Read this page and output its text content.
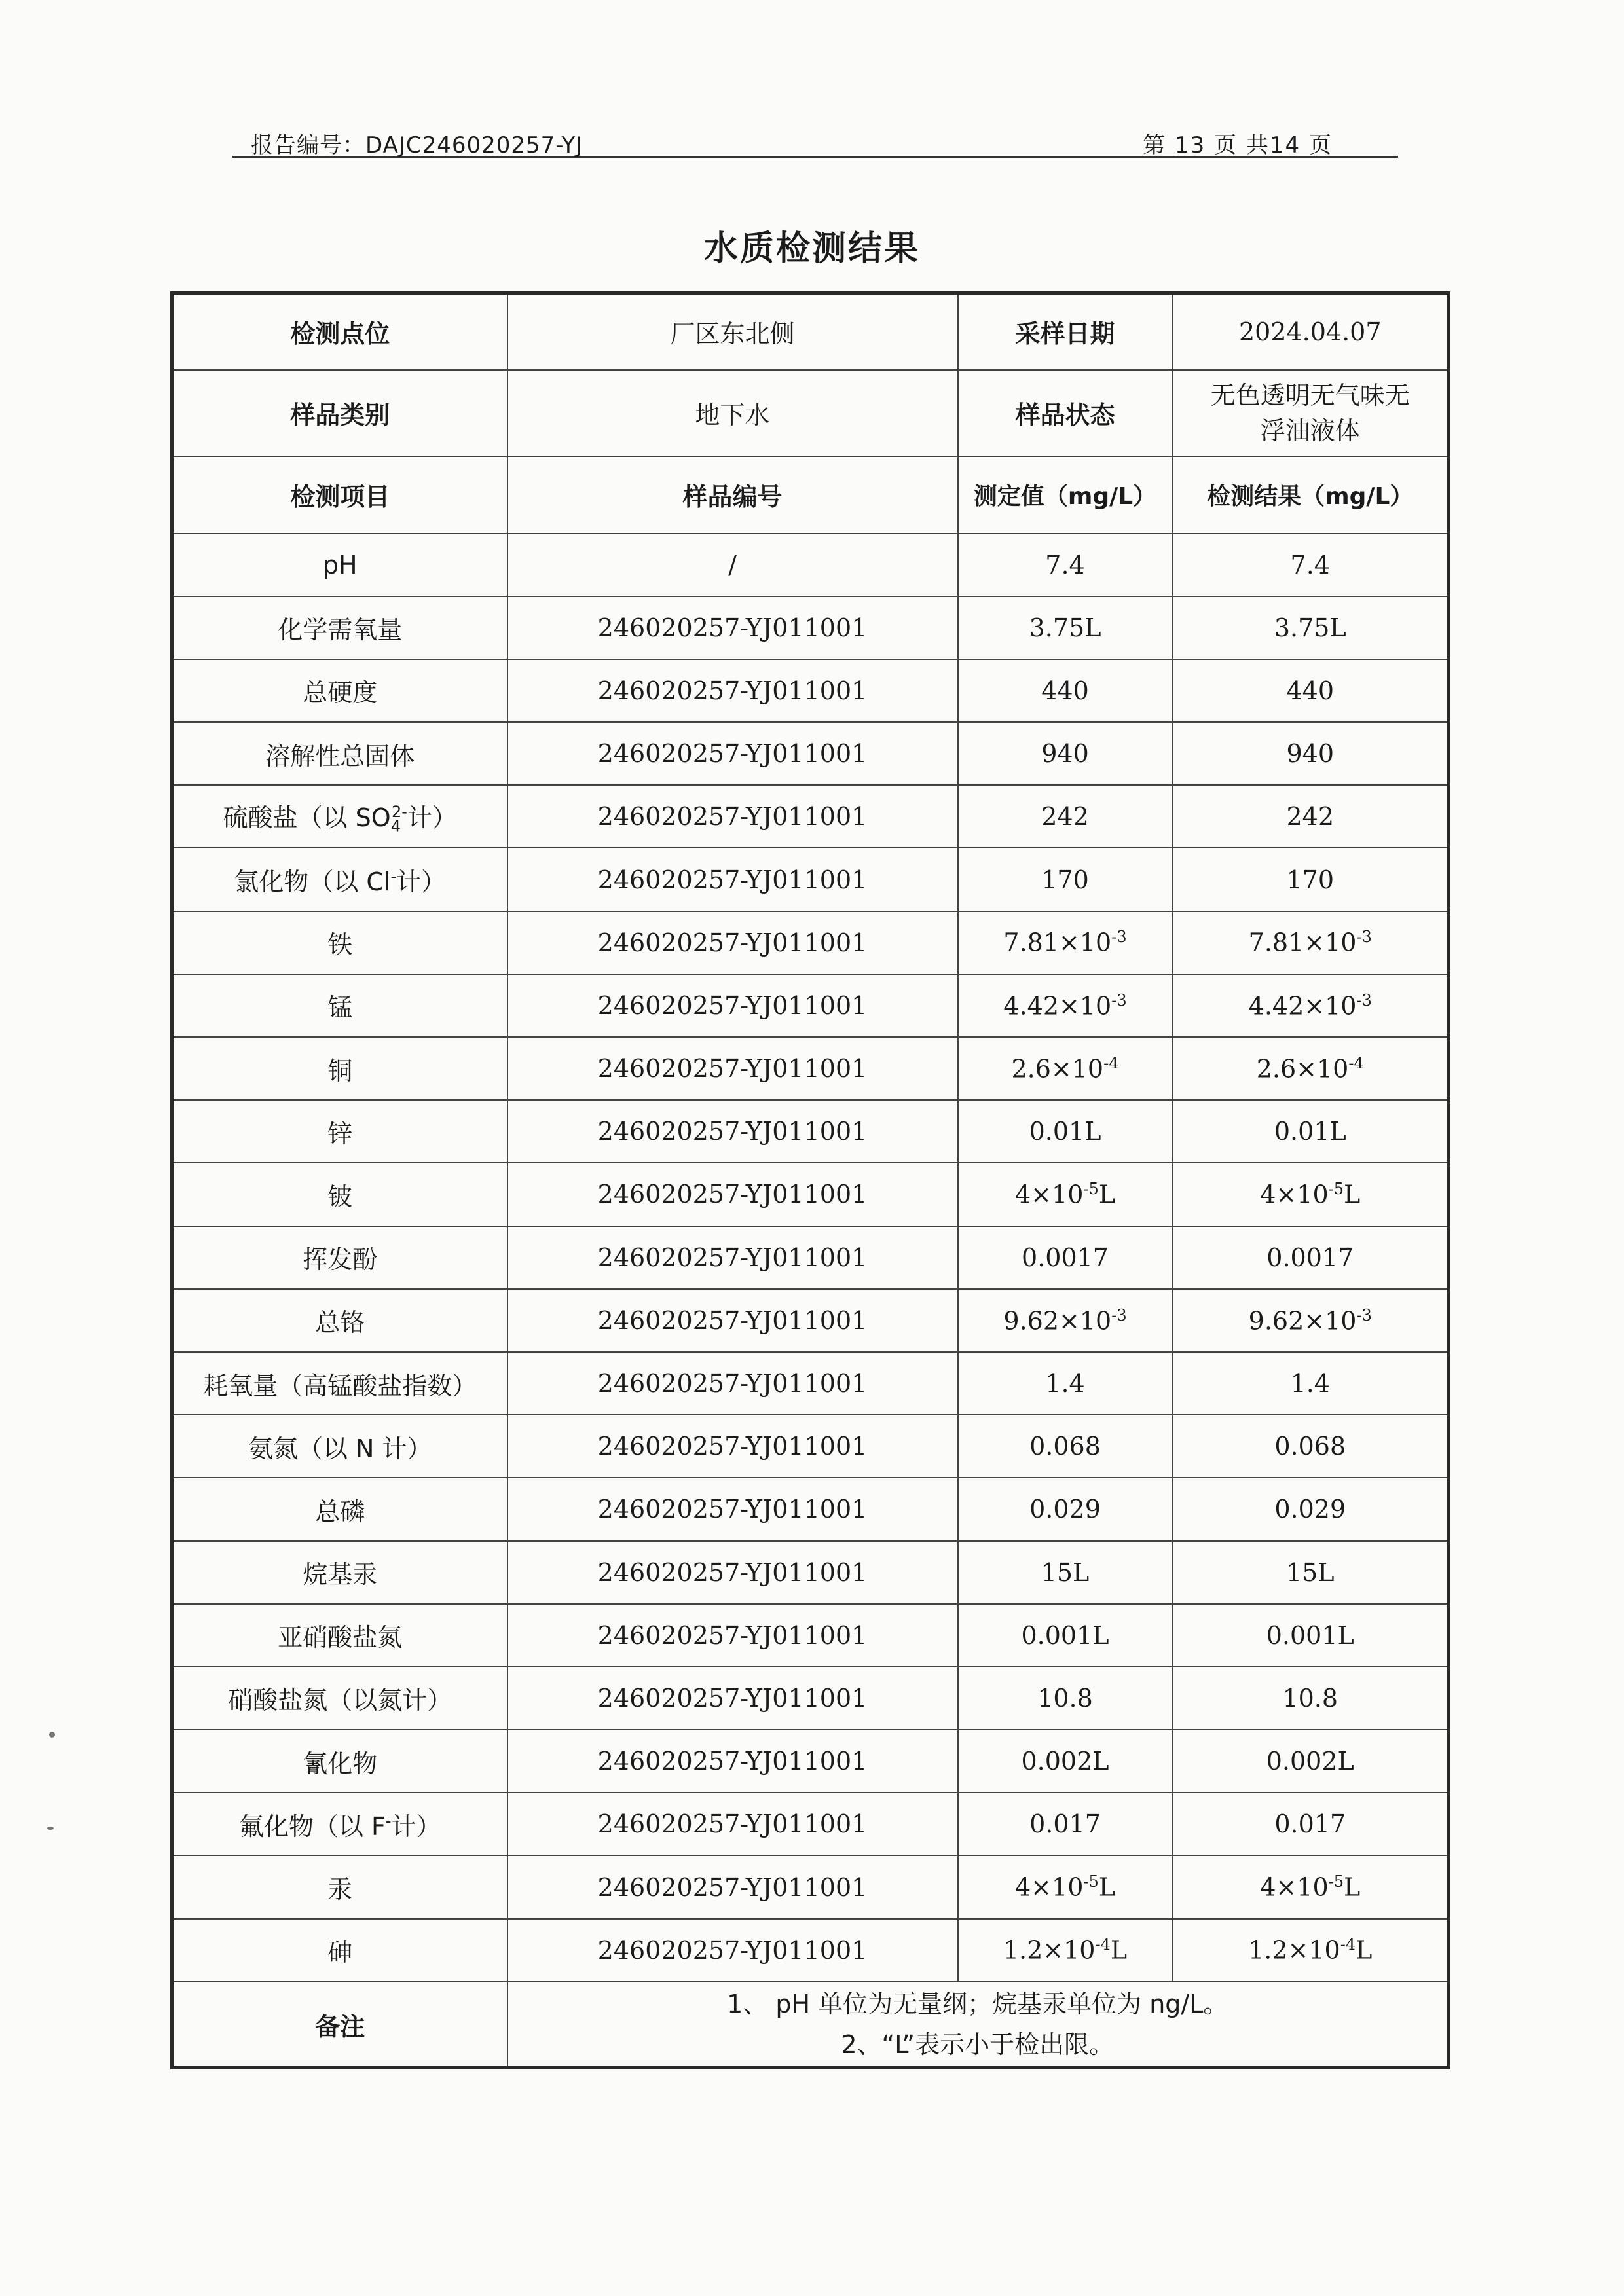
报告编号：DAJC246020257-YJ	第 13 页 共14 页
水质检测结果
检测点位	厂区东北侧	采样日期	2024.04.07
样品类别	地下水	样品状态	无色透明无气味无
浮油液体
检测项目	样品编号	测定值（mg/L）	检测结果（mg/L）
pH	/	7.4	7.4
化学需氧量	246020257-YJ011001	3.75L	3.75L
总硬度	246020257-YJ011001	440	440
溶解性总固体	246020257-YJ011001	940	940
硫酸盐（以 $SO_4^{2-}$计）	246020257-YJ011001	242	242
氯化物（以 Cl-计）	246020257-YJ011001	170	170
铁	246020257-YJ011001	$7.81\times 10^{-3}$	$7.81\times 10^{-3}$
锰	246020257-YJ011001	$4.42\times 10^{-3}$	$4.42\times 10^{-3}$
铜	246020257-YJ011001	$2.6\times 10^{-4}$	$2.6\times 10^{-4}$
锌	246020257-YJ011001	0.01L	0.01L
铍	246020257-YJ011001	$4\times 10^{-5}L$	$4\times 10^{-5}L$
挥发酚	246020257-YJ011001	0.0017	0.0017
总铬	246020257-YJ011001	$9.62\times 10^{-3}$	$9.62\times 10^{-3}$
耗氧量（高锰酸盐指数）	246020257-YJ011001	1.4	1.4
氨氮（以 N 计）	246020257-YJ011001	0.068	0.068
总磷	246020257-YJ011001	0.029	0.029
烷基汞	246020257-YJ011001	15L	15L
亚硝酸盐氮	246020257-YJ011001	0.001L	0.001L
硝酸盐氮（以氮计）	246020257-YJ011001	10.8	10.8
氰化物	246020257-YJ011001	0.002L	0.002L
氟化物（以 F-计）	246020257-YJ011001	0.017	0.017
汞	246020257-YJ011001	$4\times 10^{-5}L$	$4\times 10^{-5}L$
砷	246020257-YJ011001	$1.2\times 10^{-4}L$	$1.2\times 10^{-4}L$
备注	1、 pH 单位为无量纲；烷基汞单位为 ng/L。
2、“L”表示小于检出限。		
